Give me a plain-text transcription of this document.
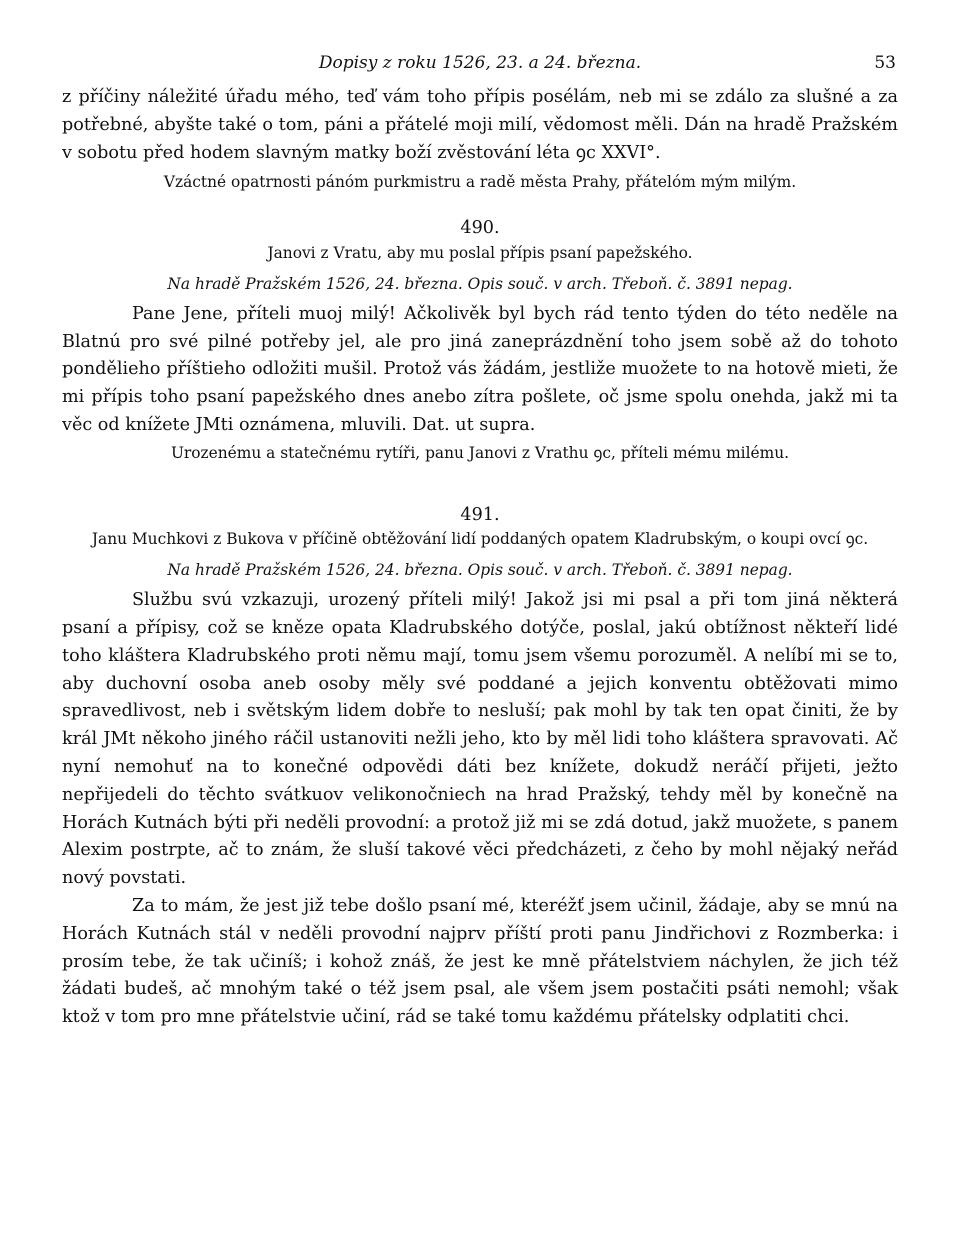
Dopisy z roku 1526, 23. a 24. března.	53

z příčiny náležité úřadu mého, teď vám toho přípis posélám, neb mi se zdálo za slušné a za potřebné, abyšte také o tom, páni a přátelé moji milí, vědomost měli. Dán na hradě Pražském v sobotu před hodem slavným matky boží zvěstování léta ꝯc XXVI°.

Vzáctné opatrnosti pánóm purkmistru a radě města Prahy, přátelóm mým milým.

490.
Janovi z Vratu, aby mu poslal přípis psaní papežského.
Na hradě Pražském 1526, 24. března. Opis souč. v arch. Třeboň. č. 3891 nepag.

Pane Jene, příteli muoj milý! Ačkolivěk byl bych rád tento týden do této neděle na Blatnú pro své pilné potřeby jel, ale pro jiná zaneprázdnění toho jsem sobě až do tohoto ponděliehо příštieho odložiti mušil. Protož vás žádám, jestliže muožete to na hotově mieti, že mi přípis toho psaní papežského dnes anebo zítra pošlete, oč jsme spolu onehda, jakž mi ta věc od knížete JMti oznámena, mluvili. Dat. ut supra.

Urozenému a statečnému rytíři, panu Janovi z Vrathu ꝯc, příteli mému milému.

491.
Janu Muchkovi z Bukova v příčině obtěžování lidí poddaných opatem Kladrubským, o koupi ovcí ꝯc.
Na hradě Pražském 1526, 24. března. Opis souč. v arch. Třeboň. č. 3891 nepag.

Službu svú vzkazuji, urozený příteli milý! Jakož jsi mi psal a při tom jiná některá psaní a přípisy, což se kněze opata Kladrubského dotýče, poslal, jakú obtížnost někteří lidé toho kláštera Kladrubského proti němu mají, tomu jsem všemu porozuměl. A nelíbí mi se to, aby duchovní osoba aneb osoby měly své poddané a jejich konventu obtěžovati mimo spravedlivost, neb i světským lidem dobře to nesluší; pak mohl by tak ten opat činiti, že by král JMt někoho jiného ráčil ustanoviti nežli jeho, kto by měl lidi toho kláštera spravovati. Ač nyní nemohuť na to konečné odpovědi dáti bez knížete, dokudž neráčí přijeti, ježto nepřijedeli do těchto svátkuov velikonočniech na hrad Pražský, tehdy měl by konečně na Horách Kutnách býti při neděli provodní: a protož již mi se zdá dotud, jakž muožete, s panem Alexim postrpte, ač to znám, že sluší takové věci předcházeti, z čeho by mohl nějaký neřád nový povstati.

Za to mám, že jest již tebe došlo psaní mé, kteréžť jsem učinil, žádaje, aby se mnú na Horách Kutnách stál v neděli provodní najprv příští proti panu Jindřichovi z Rozmberka: i prosím tebe, že tak učiníš; i kohož znáš, že jest ke mně přátelstviem náchylen, že jich též žádati budeš, ač mnohým také o též jsem psal, ale všem jsem postačiti psáti nemohl; však ktož v tom pro mne přátelstvie učiní, rád se také tomu každému přátelsky odplatiti chci.
